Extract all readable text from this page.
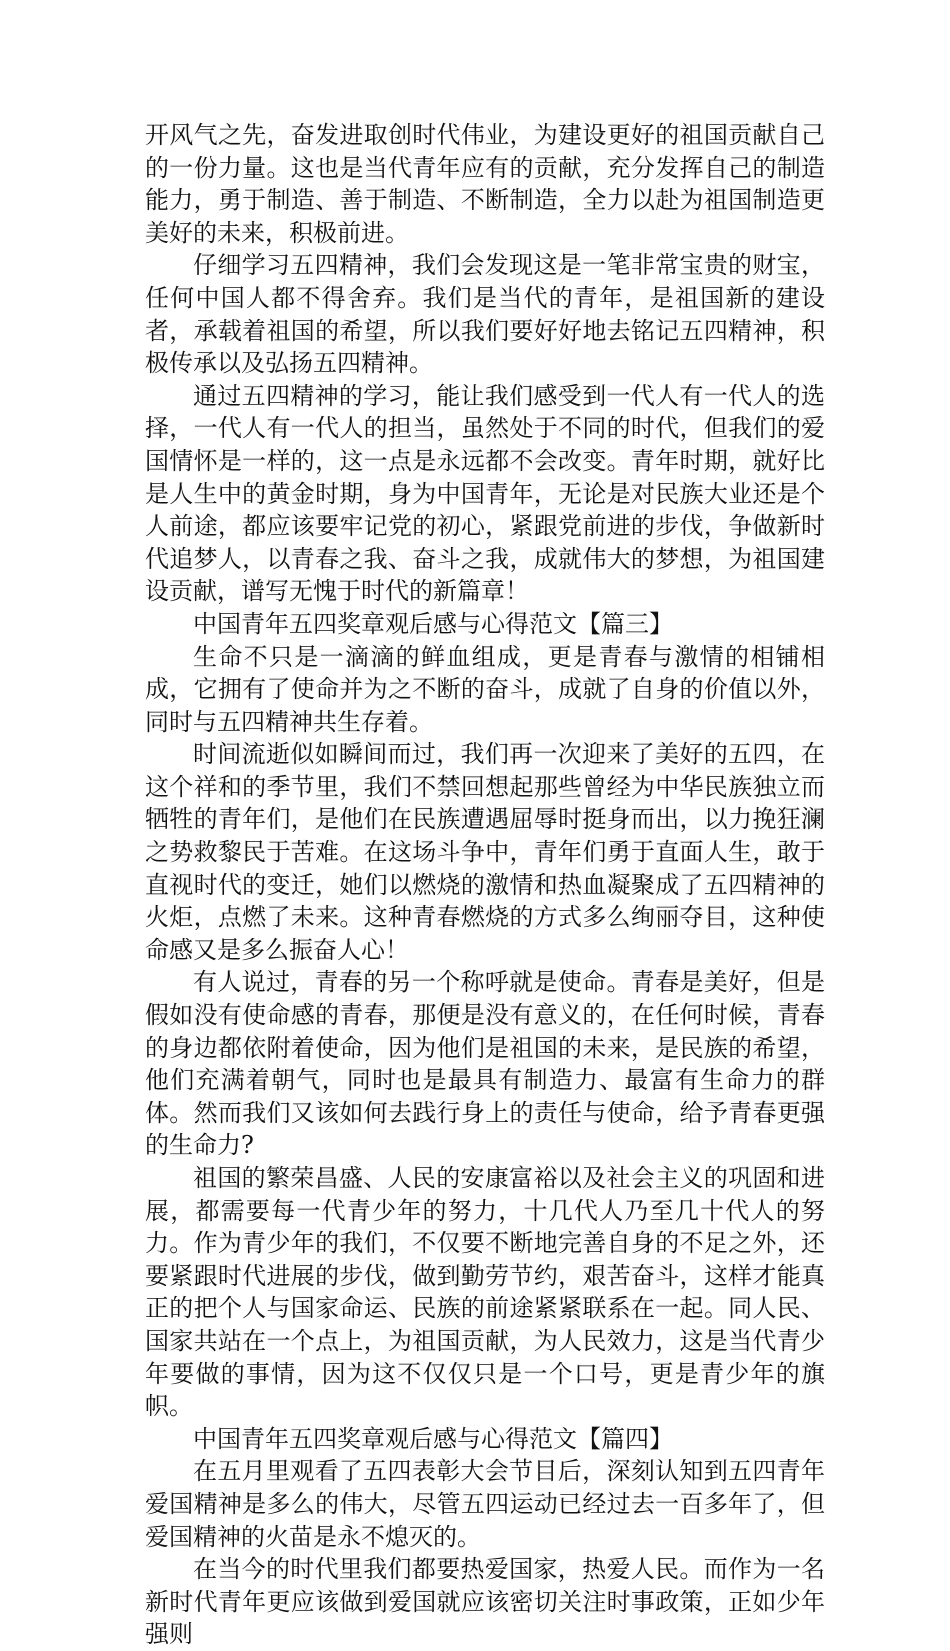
开风气之先，奋发进取创时代伟业，为建设更好的祖国贡献自己的一份力量。这也是当代青年应有的贡献，充分发挥自己的制造能力，勇于制造、善于制造、不断制造，全力以赴为祖国制造更美好的未来，积极前进。

仔细学习五四精神，我们会发现这是一笔非常宝贵的财宝，任何中国人都不得舍弃。我们是当代的青年，是祖国新的建设者，承载着祖国的希望，所以我们要好好地去铭记五四精神，积极传承以及弘扬五四精神。

通过五四精神的学习，能让我们感受到一代人有一代人的选择，一代人有一代人的担当，虽然处于不同的时代，但我们的爱国情怀是一样的，这一点是永远都不会改变。青年时期，就好比是人生中的黄金时期，身为中国青年，无论是对民族大业还是个人前途，都应该要牢记党的初心，紧跟党前进的步伐，争做新时代追梦人，以青春之我、奋斗之我，成就伟大的梦想，为祖国建设贡献，谱写无愧于时代的新篇章！

中国青年五四奖章观后感与心得范文【篇三】

生命不只是一滴滴的鲜血组成，更是青春与激情的相铺相成，它拥有了使命并为之不断的奋斗，成就了自身的价值以外，同时与五四精神共生存着。

时间流逝似如瞬间而过，我们再一次迎来了美好的五四，在这个祥和的季节里，我们不禁回想起那些曾经为中华民族独立而牺牲的青年们，是他们在民族遭遇屈辱时挺身而出，以力挽狂澜之势救黎民于苦难。在这场斗争中，青年们勇于直面人生，敢于直视时代的变迁，她们以燃烧的激情和热血凝聚成了五四精神的火炬，点燃了未来。这种青春燃烧的方式多么绚丽夺目，这种使命感又是多么振奋人心！

有人说过，青春的另一个称呼就是使命。青春是美好，但是假如没有使命感的青春，那便是没有意义的，在任何时候，青春的身边都依附着使命，因为他们是祖国的未来，是民族的希望，他们充满着朝气，同时也是最具有制造力、最富有生命力的群体。然而我们又该如何去践行身上的责任与使命，给予青春更强的生命力?

祖国的繁荣昌盛、人民的安康富裕以及社会主义的巩固和进展，都需要每一代青少年的努力，十几代人乃至几十代人的努力。作为青少年的我们，不仅要不断地完善自身的不足之外，还要紧跟时代进展的步伐，做到勤劳节约，艰苦奋斗，这样才能真正的把个人与国家命运、民族的前途紧紧联系在一起。同人民、国家共站在一个点上，为祖国贡献，为人民效力，这是当代青少年要做的事情，因为这不仅仅只是一个口号，更是青少年的旗帜。

中国青年五四奖章观后感与心得范文【篇四】

在五月里观看了五四表彰大会节目后，深刻认知到五四青年爱国精神是多么的伟大，尽管五四运动已经过去一百多年了，但爱国精神的火苗是永不熄灭的。

在当今的时代里我们都要热爱国家，热爱人民。而作为一名新时代青年更应该做到爱国就应该密切关注时事政策，正如少年强则
